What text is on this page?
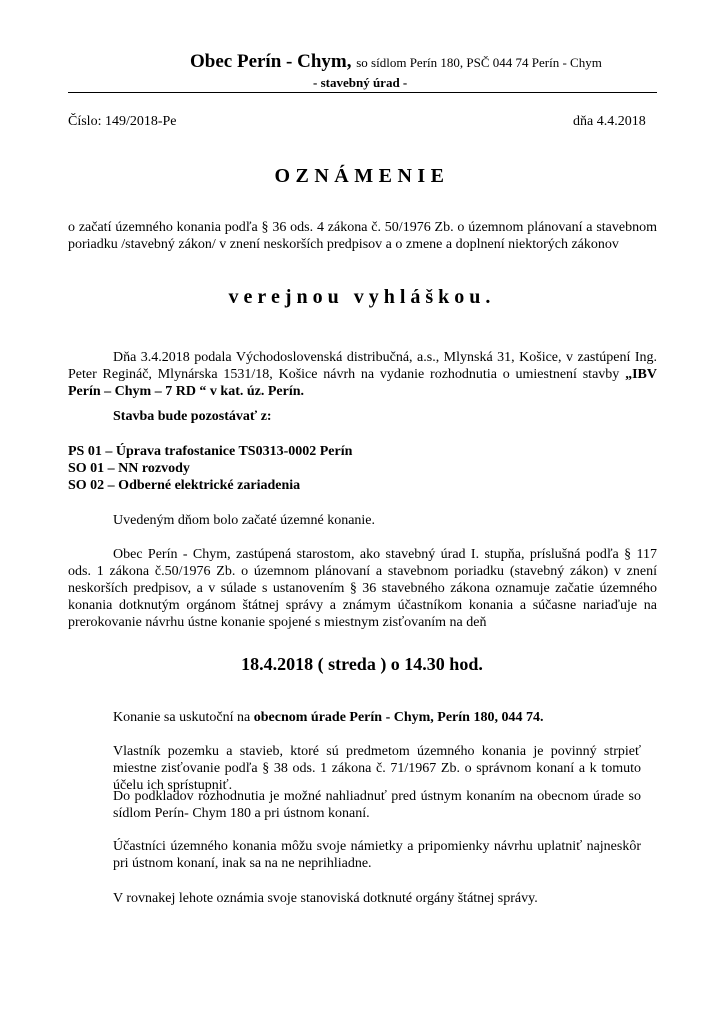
Obec Perín - Chym, so sídlom Perín 180, PSČ 044 74 Perín - Chym
- stavebný úrad -
Číslo: 149/2018-Pe	dňa 4.4.2018
OZNÁMENIE
o začatí územného konania podľa § 36 ods. 4 zákona č. 50/1976 Zb. o územnom plánovaní a stavebnom poriadku /stavebný zákon/ v znení neskorších predpisov a o zmene a doplnení niektorých zákonov
verejnou vyhláškou.
Dňa 3.4.2018 podala Východoslovenská distribučná, a.s., Mlynská 31, Košice, v zastúpení Ing. Peter Regináč, Mlynárska 1531/18, Košice návrh na vydanie rozhodnutia o umiestnení stavby „IBV Perín – Chym – 7 RD “ v kat. úz. Perín.
Stavba bude pozostávať z:
PS 01 – Úprava trafostanice TS0313-0002 Perín
SO 01 – NN rozvody
SO 02 – Odberné elektrické zariadenia
Uvedeným dňom bolo začaté územné konanie.
Obec Perín - Chym, zastúpená starostom, ako stavebný úrad I. stupňa, príslušná podľa § 117 ods. 1 zákona č.50/1976 Zb. o územnom plánovaní a stavebnom poriadku (stavebný zákon) v znení neskorších predpisov, a v súlade s ustanovením § 36 stavebného zákona oznamuje začatie územného konania dotknutým orgánom štátnej správy a známym účastníkom konania a súčasne nariaďuje na prerokovanie návrhu ústne konanie spojené s miestnym zisťovaním na deň
18.4.2018 ( streda ) o 14.30 hod.
Konanie sa uskutoční na obecnom úrade Perín - Chym, Perín 180, 044 74.
Vlastník pozemku a stavieb, ktoré sú predmetom územného konania je povinný strpieť miestne zisťovanie podľa § 38 ods. 1 zákona č. 71/1967 Zb. o správnom konaní a k tomuto účelu ich sprístupniť.
Do podkladov rozhodnutia je možné nahliadnuť pred ústnym konaním na obecnom úrade so sídlom Perín- Chym 180 a pri ústnom konaní.
Účastníci územného konania môžu svoje námietky a pripomienky návrhu uplatniť najneskôr pri ústnom konaní, inak sa na ne neprihliadne.
V rovnakej lehote oznámia svoje stanoviská dotknuté orgány štátnej správy.
